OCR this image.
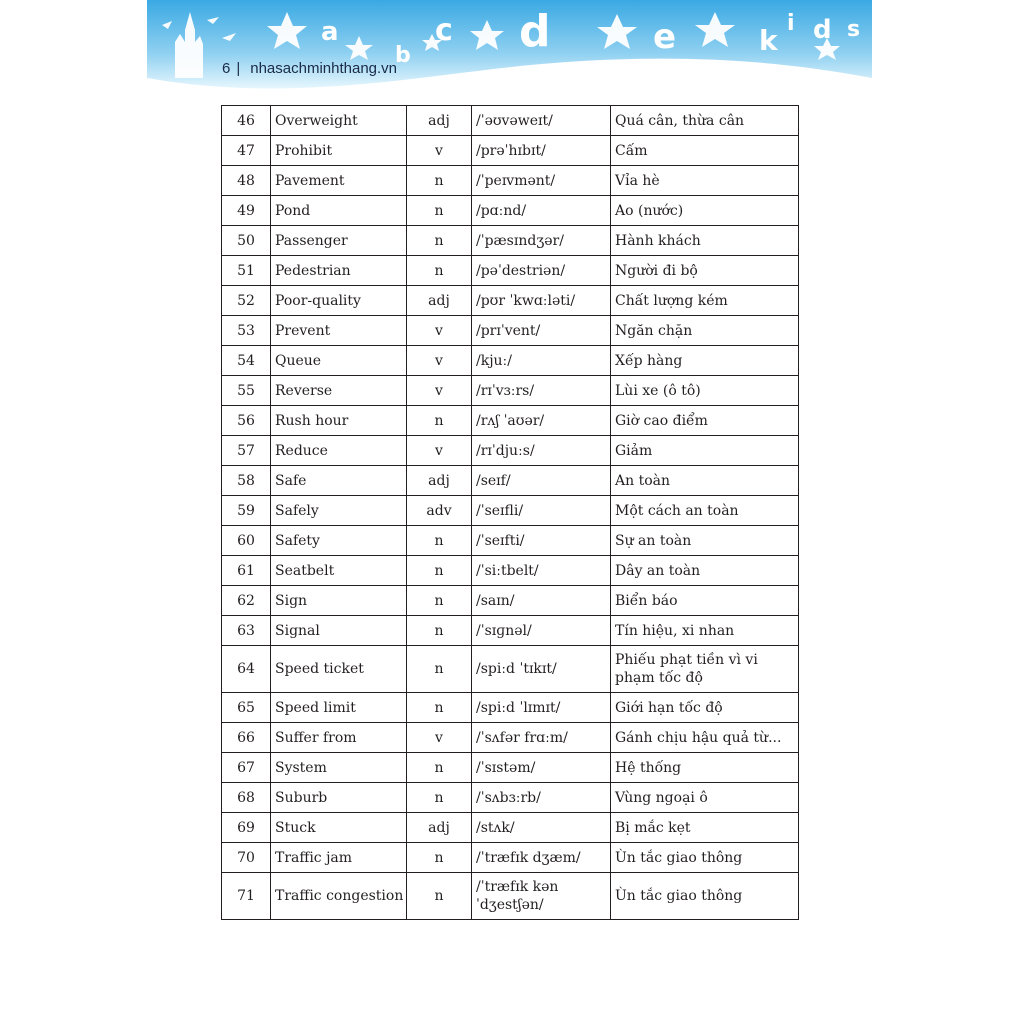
a
b
c d	e	k
i d s
6 | nhasachminhthang.vn
46	Overweight	adj	/ˈəʊvəweɪt/	Quá cân, thừa cân
47	Prohibit	v	/prəˈhɪbɪt/	Cấm
48	Pavement	n	/ˈpeɪvmənt/	Vỉa hè
49	Pond	n	/pɑːnd/	Ao (nước)
50	Passenger	n	/ˈpæsɪndʒər/	Hành khách
51	Pedestrian	n	/pəˈdestriən/	Người đi bộ
52	Poor-quality	adj	/pʊr ˈkwɑːləti/	Chất lượng kém
53	Prevent	v	/prɪˈvent/	Ngăn chặn
54	Queue	v	/kjuː/	Xếp hàng
55	Reverse	v	/rɪˈvɜːrs/	Lùi xe (ô tô)
56	Rush hour	n	/rʌʃ ˈaʊər/	Giờ cao điểm
57	Reduce	v	/rɪˈdjuːs/	Giảm
58	Safe	adj	/seɪf/	An toàn
59	Safely	adv	/ˈseɪfli/	Một cách an toàn
60	Safety	n	/ˈseɪfti/	Sự an toàn
61	Seatbelt	n	/ˈsiːtbelt/	Dây an toàn
62	Sign	n	/saɪn/	Biển báo
63	Signal	n	/ˈsɪɡnəl/	Tín hiệu, xi nhan
64	Speed ticket	n	/spiːd ˈtɪkɪt/	Phiếu phạt tiền vì vi phạm tốc độ
65	Speed limit	n	/spiːd ˈlɪmɪt/	Giới hạn tốc độ
66	Suffer from	v	/ˈsʌfər frɑːm/	Gánh chịu hậu quả từ...
67	System	n	/ˈsɪstəm/	Hệ thống
68	Suburb	n	/ˈsʌbɜːrb/	Vùng ngoại ô
69	Stuck	adj	/stʌk/	Bị mắc kẹt
70	Traffic jam	n	/ˈtræfɪk dʒæm/	Ùn tắc giao thông
71	Traffic congestion	n	/ˈtræfɪk kənˈdʒestʃən/	Ùn tắc giao thông
